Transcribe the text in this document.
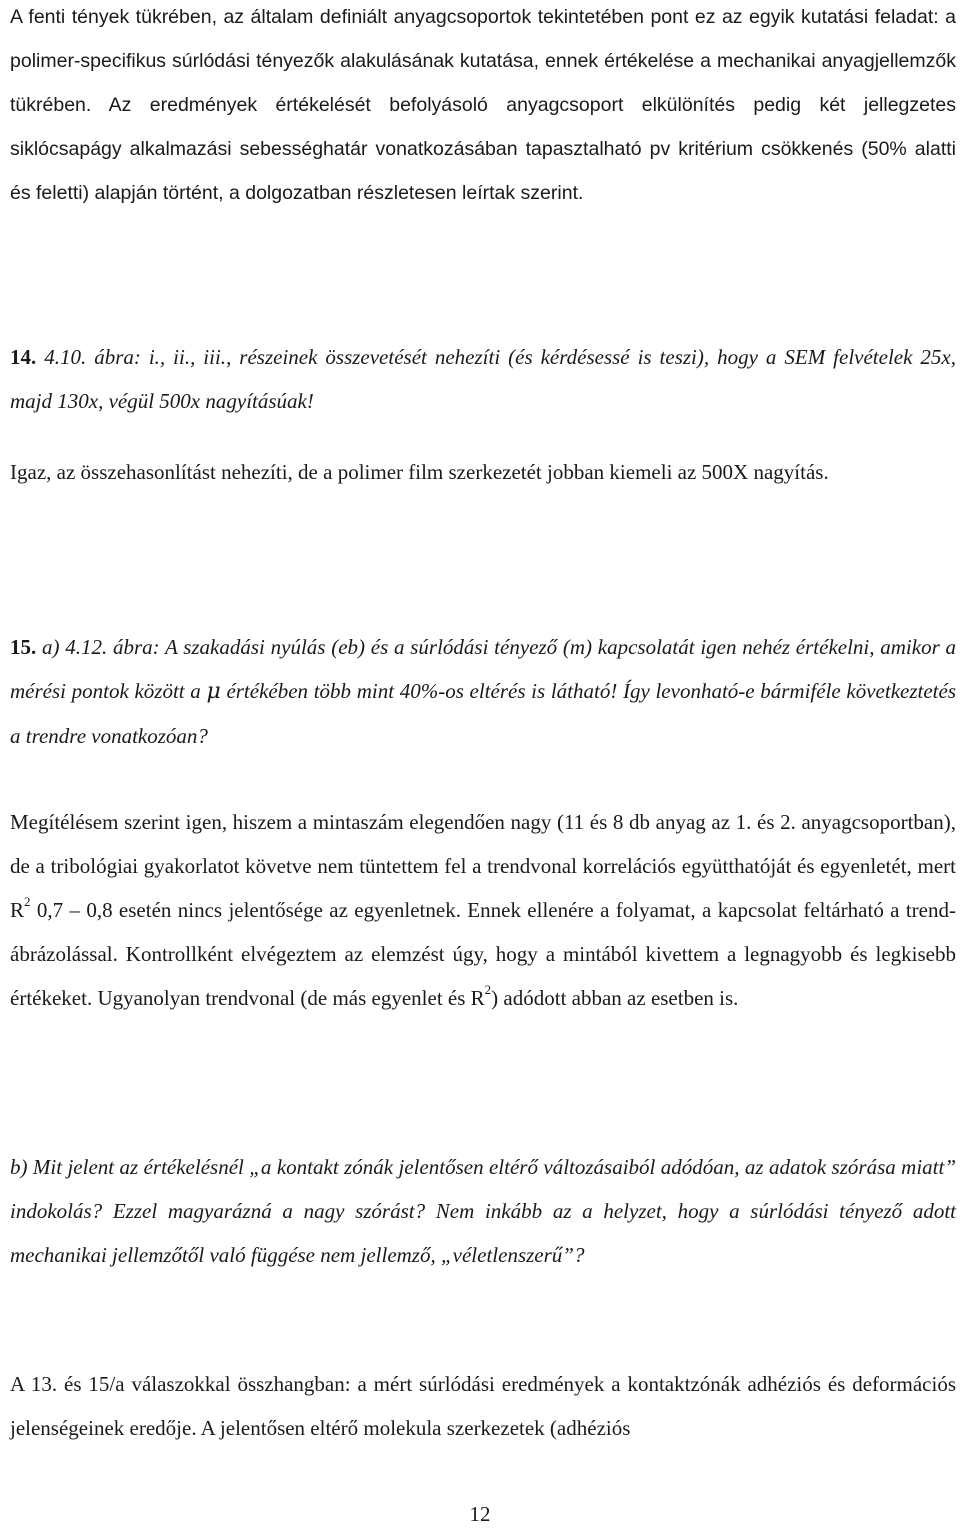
A fenti tények tükrében, az általam definiált anyagcsoportok tekintetében pont ez az egyik kutatási feladat: a polimer-specifikus súrlódási tényezők alakulásának kutatása, ennek értékelése a mechanikai anyagjellemzők tükrében. Az eredmények értékelését befolyásoló anyagcsoport elkülönítés pedig két jellegzetes siklócsapágy alkalmazási sebességhatár vonatkozásában tapasztalható pv kritérium csökkenés (50% alatti és feletti) alapján történt, a dolgozatban részletesen leírtak szerint.

14. 4.10. ábra: i., ii., iii., részeinek összevetését nehezíti (és kérdésessé is teszi), hogy a SEM felvételek 25x, majd 130x, végül 500x nagyításúak!

Igaz, az összehasonlítást nehezíti, de a polimer film szerkezetét jobban kiemeli az 500X nagyítás.

15. a) 4.12. ábra: A szakadási nyúlás (eb) és a súrlódási tényező (m) kapcsolatát igen nehéz értékelni, amikor a mérési pontok között a μ értékében több mint 40%-os eltérés is látható! Így levonható-e bármiféle következtetés a trendre vonatkozóan?

Megítélésem szerint igen, hiszem a mintaszám elegendően nagy (11 és 8 db anyag az 1. és 2. anyagcsoportban), de a tribológiai gyakorlatot követve nem tüntettem fel a trendvonal korrelációs együtthatóját és egyenletét, mert $R^2$ 0,7 – 0,8 esetén nincs jelentősége az egyenletnek. Ennek ellenére a folyamat, a kapcsolat feltárható a trend-ábrázolással. Kontrollként elvégeztem az elemzést úgy, hogy a mintából kivettem a legnagyobb és legkisebb értékeket. Ugyanolyan trendvonal (de más egyenlet és $R^2$) adódott abban az esetben is.

b) Mit jelent az értékelésnél „a kontakt zónák jelentősen eltérő változásaiból adódóan, az adatok szórása miatt” indokolás? Ezzel magyarázná a nagy szórást? Nem inkább az a helyzet, hogy a súrlódási tényező adott mechanikai jellemzőtől való függése nem jellemző, „véletlenszerű”?

A 13. és 15/a válaszokkal összhangban: a mért súrlódási eredmények a kontaktzónák adhéziós és deformációs jelenségeinek eredője. A jelentősen eltérő molekula szerkezetek (adhéziós

12
